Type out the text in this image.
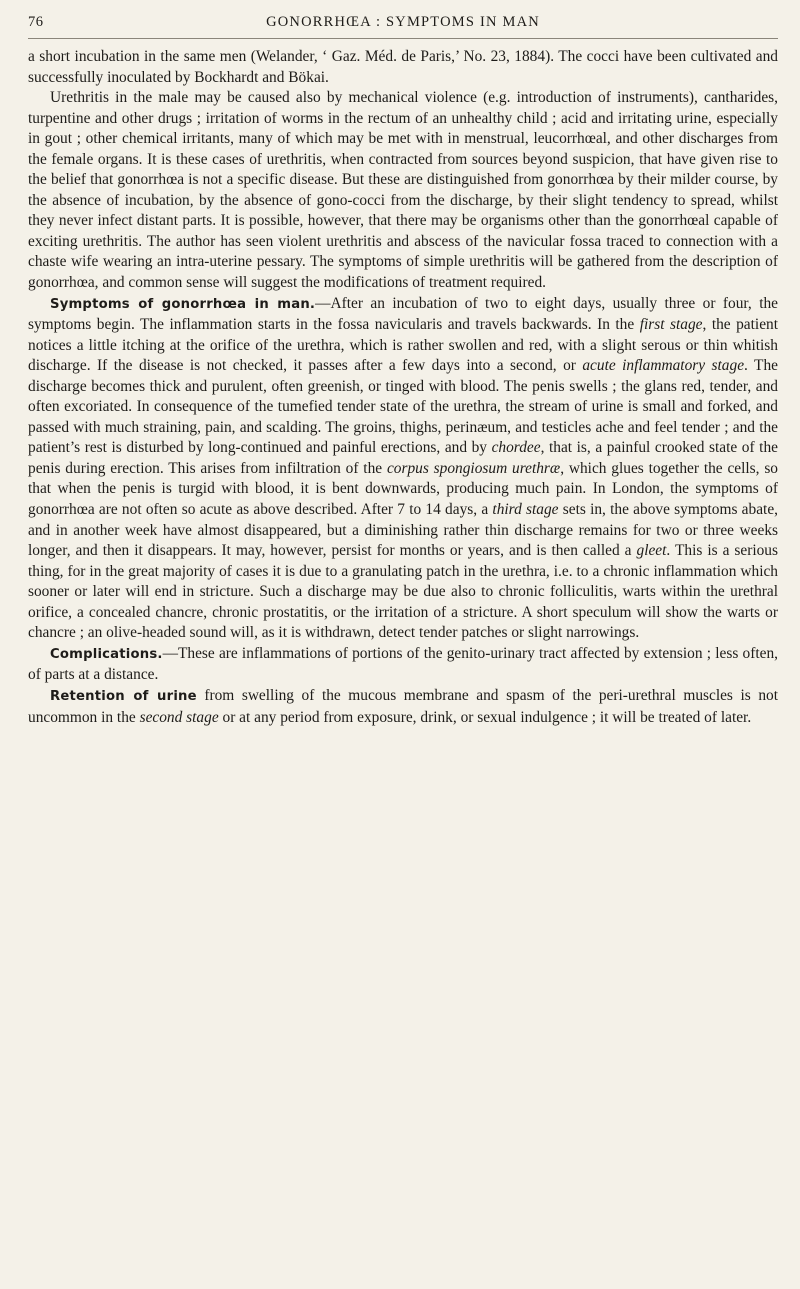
76	GONORRHŒA : SYMPTOMS IN MAN

a short incubation in the same men (Welander, ‘ Gaz. Méd. de Paris,’ No. 23, 1884). The cocci have been cultivated and successfully inoculated by Bockhardt and Bökai.

Urethritis in the male may be caused also by mechanical violence (e.g. introduction of instruments), cantharides, turpentine and other drugs ; irritation of worms in the rectum of an unhealthy child ; acid and irritating urine, especially in gout ; other chemical irritants, many of which may be met with in menstrual, leucorrhœal, and other discharges from the female organs. It is these cases of urethritis, when contracted from sources beyond suspicion, that have given rise to the belief that gonorrhœa is not a specific disease. But these are distinguished from gonorrhœa by their milder course, by the absence of incubation, by the absence of gono-cocci from the discharge, by their slight tendency to spread, whilst they never infect distant parts. It is possible, however, that there may be organisms other than the gonorrhœal capable of exciting urethritis. The author has seen violent urethritis and abscess of the navicular fossa traced to connection with a chaste wife wearing an intra-uterine pessary. The symptoms of simple urethritis will be gathered from the description of gonorrhœa, and common sense will suggest the modifications of treatment required.

Symptoms of gonorrhœa in man.—After an incubation of two to eight days, usually three or four, the symptoms begin. The inflammation starts in the fossa navicularis and travels backwards. In the first stage, the patient notices a little itching at the orifice of the urethra, which is rather swollen and red, with a slight serous or thin whitish discharge. If the disease is not checked, it passes after a few days into a second, or acute inflammatory stage. The discharge becomes thick and purulent, often greenish, or tinged with blood. The penis swells ; the glans red, tender, and often excoriated. In consequence of the tumefied tender state of the urethra, the stream of urine is small and forked, and passed with much straining, pain, and scalding. The groins, thighs, perinæum, and testicles ache and feel tender ; and the patient’s rest is disturbed by long-continued and painful erections, and by chordee, that is, a painful crooked state of the penis during erection. This arises from infiltration of the corpus spongiosum urethræ, which glues together the cells, so that when the penis is turgid with blood, it is bent downwards, producing much pain. In London, the symptoms of gonorrhœa are not often so acute as above described. After 7 to 14 days, a third stage sets in, the above symptoms abate, and in another week have almost disappeared, but a diminishing rather thin discharge remains for two or three weeks longer, and then it disappears. It may, however, persist for months or years, and is then called a gleet. This is a serious thing, for in the great majority of cases it is due to a granulating patch in the urethra, i.e. to a chronic inflammation which sooner or later will end in stricture. Such a discharge may be due also to chronic folliculitis, warts within the urethral orifice, a concealed chancre, chronic prostatitis, or the irritation of a stricture. A short speculum will show the warts or chancre ; an olive-headed sound will, as it is withdrawn, detect tender patches or slight narrowings.

Complications.—These are inflammations of portions of the genito-urinary tract affected by extension ; less often, of parts at a distance.

Retention of urine from swelling of the mucous membrane and spasm of the peri-urethral muscles is not uncommon in the second stage or at any period from exposure, drink, or sexual indulgence ; it will be treated of later.
